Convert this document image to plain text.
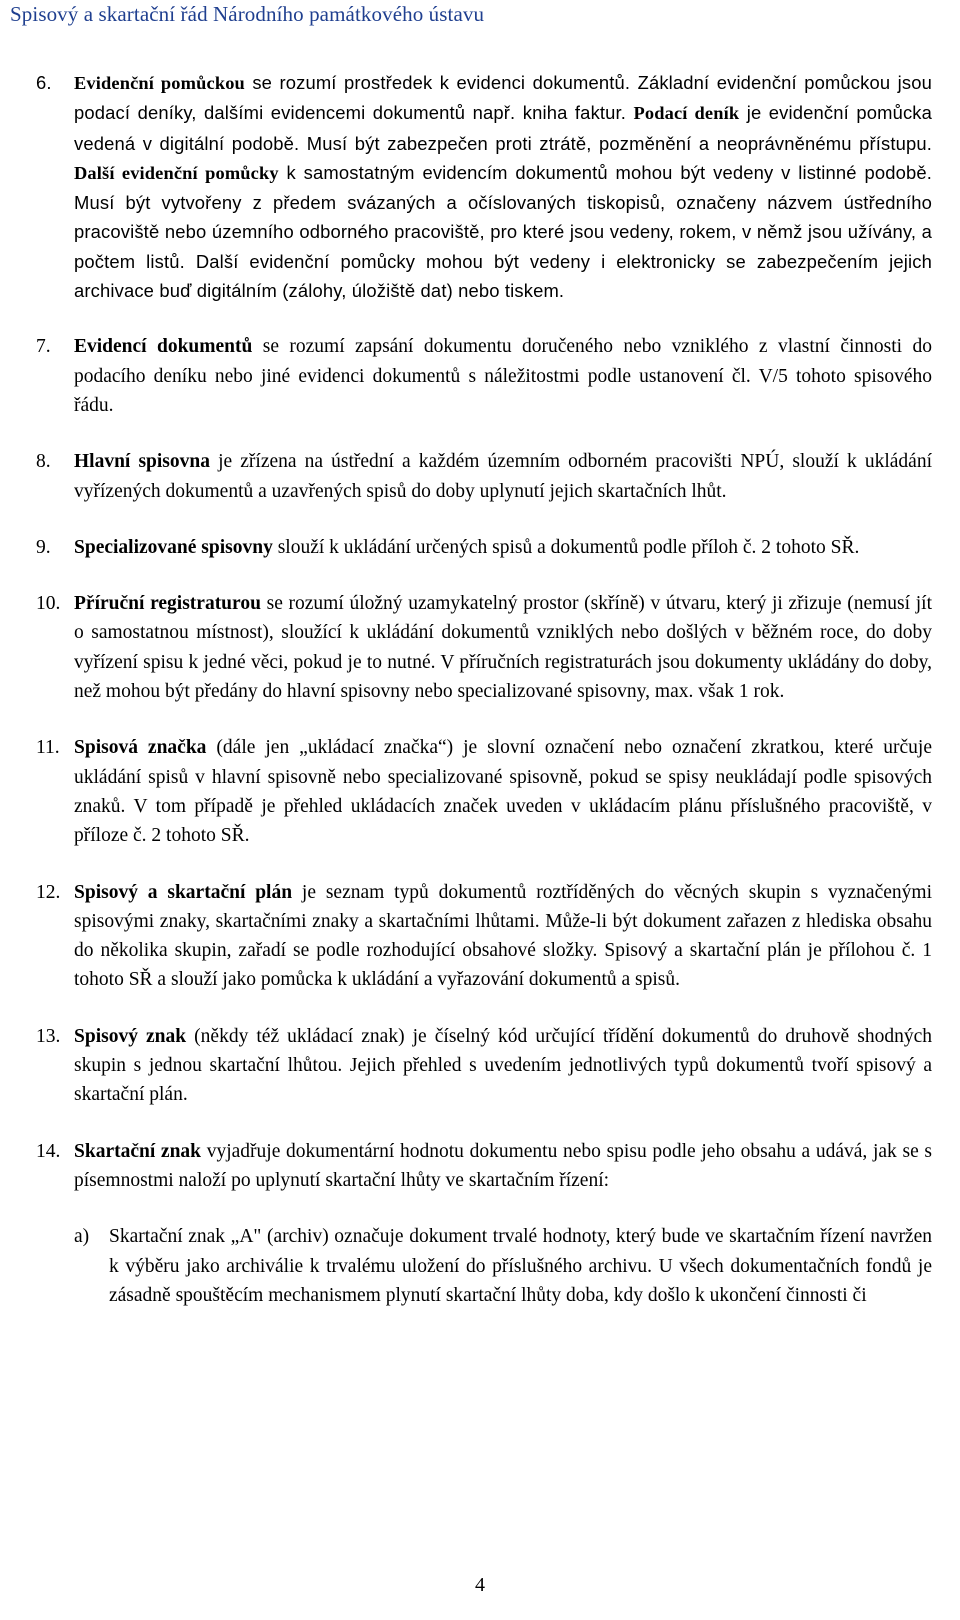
Spisový a skartační řád Národního památkového ústavu
6.	Evidenční pomůckou se rozumí prostředek k evidenci dokumentů. Základní evidenční pomůckou jsou podací deníky, dalšími evidencemi dokumentů např. kniha faktur. Podací deník je evidenční pomůcka vedená v digitální podobě. Musí být zabezpečen proti ztrátě, pozměnění a neoprávněnému přístupu. Další evidenční pomůcky k samostatným evidencím dokumentů mohou být vedeny v listinné podobě. Musí být vytvořeny z předem svázaných a očíslovaných tiskopisů, označeny názvem ústředního pracoviště nebo územního odborného pracoviště, pro které jsou vedeny, rokem, v němž jsou užívány, a počtem listů. Další evidenční pomůcky mohou být vedeny i elektronicky se zabezpečením jejich archivace buď digitálním (zálohy, úložiště dat) nebo tiskem.
7.	Evidencí dokumentů se rozumí zapsání dokumentu doručeného nebo vzniklého z vlastní činnosti do podacího deníku nebo jiné evidenci dokumentů s náležitostmi podle ustanovení čl. V/5 tohoto spisového řádu.
8.	Hlavní spisovna je zřízena na ústřední a každém územním odborném pracovišti NPÚ, slouží k ukládání vyřízených dokumentů a uzavřených spisů do doby uplynutí jejich skartačních lhůt.
9.	Specializované spisovny slouží k ukládání určených spisů a dokumentů podle příloh č. 2 tohoto SŘ.
10. Příruční registraturou se rozumí úložný uzamykatelný prostor (skříně) v útvaru, který ji zřizuje (nemusí jít o samostatnou místnost), sloužící k ukládání dokumentů vzniklých nebo došlých v běžném roce, do doby vyřízení spisu k jedné věci, pokud je to nutné. V příručních registraturách jsou dokumenty ukládány do doby, než mohou být předány do hlavní spisovny nebo specializované spisovny, max. však 1 rok.
11. Spisová značka (dále jen „ukládací značka“) je slovní označení nebo označení zkratkou, které určuje ukládání spisů v hlavní spisovně nebo specializované spisovně, pokud se spisy neukládají podle spisových znaků. V tom případě je přehled ukládacích značek uveden v ukládacím plánu příslušného pracoviště, v příloze č. 2 tohoto SŘ.
12. Spisový a skartační plán je seznam typů dokumentů roztříděných do věcných skupin s vyznačenými spisovými znaky, skartačními znaky a skartačními lhůtami. Může-li být dokument zařazen z hlediska obsahu do několika skupin, zařadí se podle rozhodující obsahové složky. Spisový a skartační plán je přílohou č. 1 tohoto SŘ a slouží jako pomůcka k ukládání a vyřazování dokumentů a spisů.
13. Spisový znak (někdy též ukládací znak) je číselný kód určující třídění dokumentů do druhově shodných skupin s jednou skartační lhůtou. Jejich přehled s uvedením jednotlivých typů dokumentů tvoří spisový a skartační plán.
14. Skartační znak vyjadřuje dokumentární hodnotu dokumentu nebo spisu podle jeho obsahu a udává, jak se s písemnostmi naloží po uplynutí skartační lhůty ve skartačním řízení:
a) Skartační znak „A" (archiv) označuje dokument trvalé hodnoty, který bude ve skartačním řízení navržen k výběru jako archiválie k trvalému uložení do příslušného archivu. U všech dokumentačních fondů je zásadně spouštěcím mechanismem plynutí skartační lhůty doba, kdy došlo k ukončení činnosti či
4
